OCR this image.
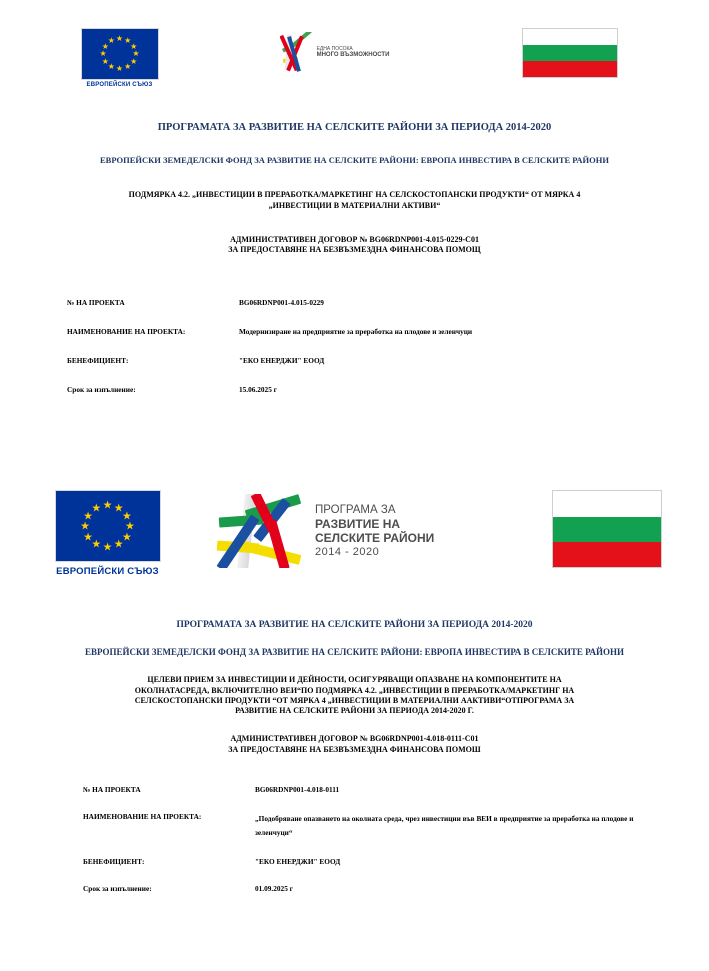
★ ★
★
★
★
★
★
★
★
★
★
★
ЕВРОПЕЙСКИ СЪЮЗ
ЕДНА ПОСОКА
МНОГО ВЪЗМОЖНОСТИ
ПРОГРАМАТА ЗА РАЗВИТИЕ НА СЕЛСКИТЕ РАЙОНИ ЗА ПЕРИОДА 2014-2020
ЕВРОПЕЙСКИ ЗЕМЕДЕЛСКИ ФОНД ЗА РАЗВИТИЕ НА СЕЛСКИТЕ РАЙОНИ: ЕВРОПА ИНВЕСТИРА В СЕЛСКИТЕ РАЙОНИ
ПОДМЯРКА 4.2. „ИНВЕСТИЦИИ В ПРЕРАБОТКА/МАРКЕТИНГ НА СЕЛСКОСТОПАНСКИ ПРОДУКТИ“ ОТ МЯРКА 4
„ИНВЕСТИЦИИ В МАТЕРИАЛНИ АКТИВИ“
АДМИНИСТРАТИВЕН ДОГОВОР № BG06RDNP001-4.015-0229-С01
ЗА ПРЕДОСТАВЯНЕ НА БЕЗВЪЗМЕЗДНА ФИНАНСОВА ПОМОЩ
№ НА ПРОЕКТА	BG06RDNP001-4.015-0229
НАИМЕНОВАНИЕ НА ПРОЕКТА:	Модернизиране на предприятие за преработка на плодове и зеленчуци
БЕНЕФИЦИЕНТ:	"ЕКО ЕНЕРДЖИ" ЕООД
Срок за изпълнение:	15.06.2025 г
★ ★
★
★
★
★
★
★
★
★
★
★
ЕВРОПЕЙСКИ СЪЮЗ
ПРОГРАМА ЗА
РАЗВИТИЕ НА
СЕЛСКИТЕ РАЙОНИ
2014 - 2020
ПРОГРАМАТА ЗА РАЗВИТИЕ НА СЕЛСКИТЕ РАЙОНИ ЗА ПЕРИОДА 2014-2020
ЕВРОПЕЙСКИ ЗЕМЕДЕЛСКИ ФОНД ЗА РАЗВИТИЕ НА СЕЛСКИТЕ РАЙОНИ: ЕВРОПА ИНВЕСТИРА В СЕЛСКИТЕ РАЙОНИ
ЦЕЛЕВИ ПРИЕМ ЗА ИНВЕСТИЦИИ И ДЕЙНОСТИ, ОСИГУРЯВАЩИ ОПАЗВАНЕ НА КОМПОНЕНТИТЕ НА
ОКОЛНАТАСРЕДА, ВКЛЮЧИТЕЛНО ВЕИ“ПО ПОДМЯРКА 4.2. „ИНВЕСТИЦИИ В ПРЕРАБОТКА/МАРКЕТИНГ НА
СЕЛСКОСТОПАНСКИ ПРОДУКТИ “ОТ МЯРКА 4 „ИНВЕСТИЦИИ В МАТЕРИАЛНИ ААКТИВИ“ОТПРОГРАМА ЗА
РАЗВИТИЕ НА СЕЛСКИТЕ РАЙОНИ ЗА ПЕРИОДА 2014-2020 Г.
АДМИНИСТРАТИВЕН ДОГОВОР № BG06RDNP001-4.018-0111-С01
ЗА ПРЕДОСТАВЯНЕ НА БЕЗВЪЗМЕЗДНА ФИНАНСОВА ПОМОШ
№ НА ПРОЕКТА	BG06RDNP001-4.018-0111
НАИМЕНОВАНИЕ НА ПРОЕКТА:	„Подобряване опазването на околната среда, чрез инвестиции във ВЕИ в предприятие за преработка на плодове и зеленчуци“
БЕНЕФИЦИЕНТ:	"ЕКО ЕНЕРДЖИ" ЕООД
Срок за изпълнение:	01.09.2025 г
